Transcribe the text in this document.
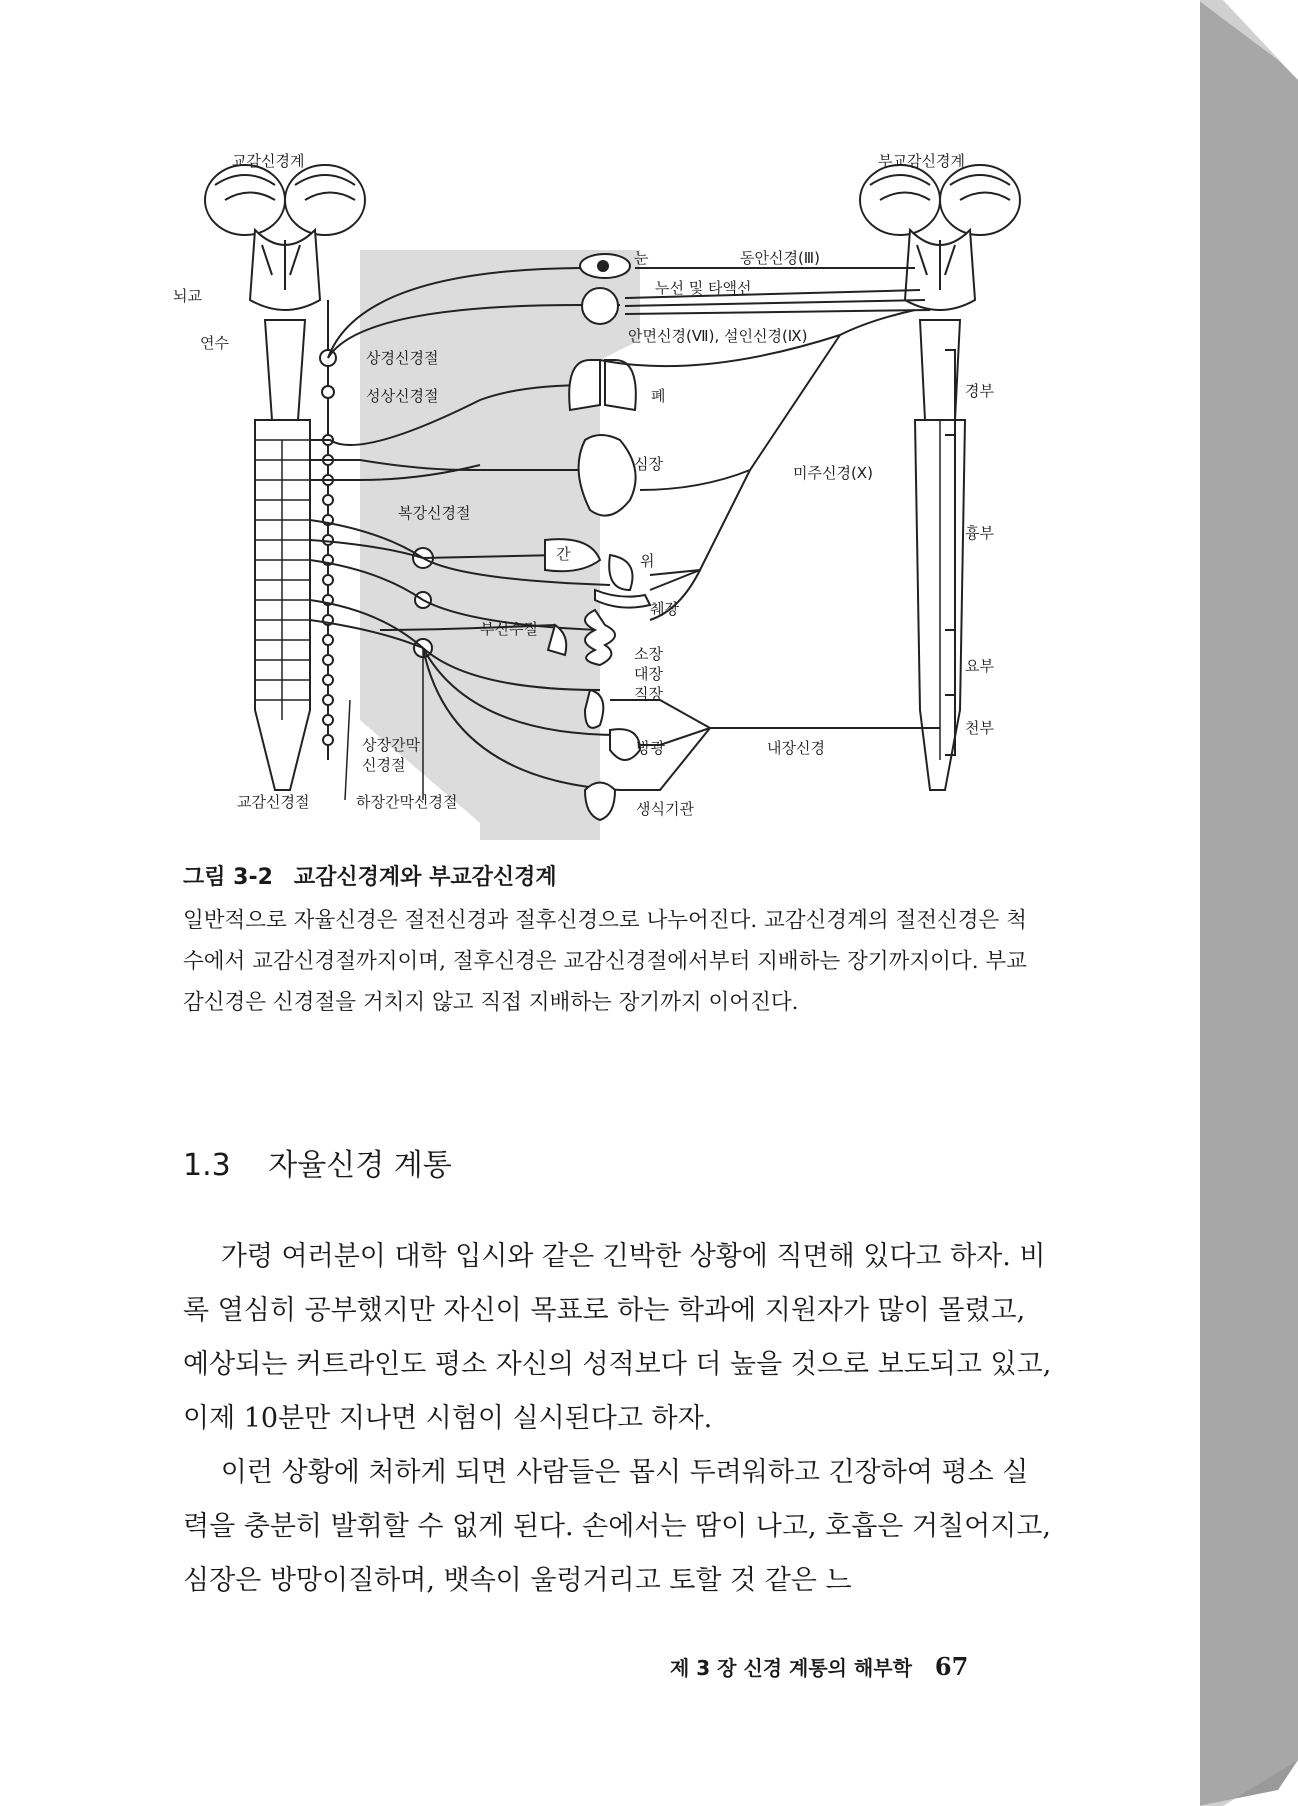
교감신경계	부교감신경계
뇌교
연수
상경신경절
성상신경절
복강신경절
부신수질
상장간막
신경절
교감신경절	하장간막신경절
눈	동안신경(Ⅲ)
누선 및 타액선
안면신경(Ⅶ), 설인신경(Ⅸ)
폐
심장	미주신경(Ⅹ)
간	위
췌장
소장
대장
직장
방광	내장신경
생식기관
경부
흉부
요부
천부
그림 3-2 교감신경계와 부교감신경계

일반적으로 자율신경은 절전신경과 절후신경으로 나누어진다. 교감신경계의 절전신경은 척수에서 교감신경절까지이며, 절후신경은 교감신경절에서부터 지배하는 장기까지이다. 부교감신경은 신경절을 거치지 않고 직접 지배하는 장기까지 이어진다.

1.3 자율신경 계통

가령 여러분이 대학 입시와 같은 긴박한 상황에 직면해 있다고 하자. 비록 열심히 공부했지만 자신이 목표로 하는 학과에 지원자가 많이 몰렸고, 예상되는 커트라인도 평소 자신의 성적보다 더 높을 것으로 보도되고 있고, 이제 10분만 지나면 시험이 실시된다고 하자.

이런 상황에 처하게 되면 사람들은 몹시 두려워하고 긴장하여 평소 실력을 충분히 발휘할 수 없게 된다. 손에서는 땀이 나고, 호흡은 거칠어지고, 심장은 방망이질하며, 뱃속이 울렁거리고 토할 것 같은 느

제 3 장 신경 계통의 해부학 67
